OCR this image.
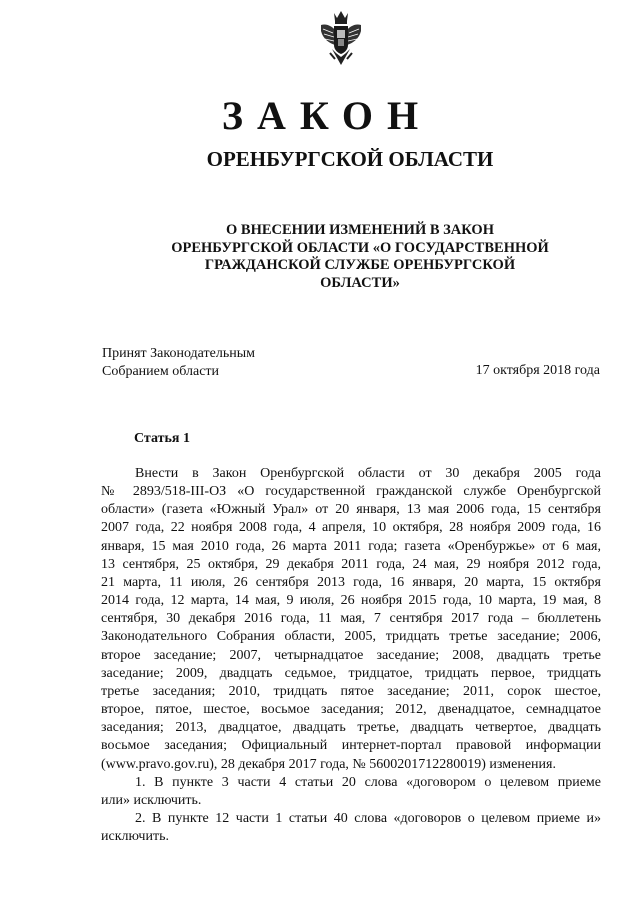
ЗАКОН
ОРЕНБУРГСКОЙ ОБЛАСТИ
О ВНЕСЕНИИ ИЗМЕНЕНИЙ В ЗАКОН
ОРЕНБУРГСКОЙ ОБЛАСТИ «О ГОСУДАРСТВЕННОЙ
ГРАЖДАНСКОЙ СЛУЖБЕ ОРЕНБУРГСКОЙ
ОБЛАСТИ»
Принят Законодательным
Собранием области	17 октября 2018 года
Статья 1
Внести в Закон Оренбургской области от 30 декабря 2005 года
№ 2893/518-III-ОЗ «О государственной гражданской службе Оренбургской
области» (газета «Южный Урал» от 20 января, 13 мая 2006 года, 15 сентября
2007 года, 22 ноября 2008 года, 4 апреля, 10 октября, 28 ноября 2009 года, 16
января, 15 мая 2010 года, 26 марта 2011 года; газета «Оренбуржье» от 6 мая,
13 сентября, 25 октября, 29 декабря 2011 года, 24 мая, 29 ноября 2012 года,
21 марта, 11 июля, 26 сентября 2013 года, 16 января, 20 марта, 15 октября
2014 года, 12 марта, 14 мая, 9 июля, 26 ноября 2015 года, 10 марта, 19 мая, 8
сентября, 30 декабря 2016 года, 11 мая, 7 сентября 2017 года – бюллетень
Законодательного Собрания области, 2005, тридцать третье заседание; 2006,
второе заседание; 2007, четырнадцатое заседание; 2008, двадцать третье
заседание; 2009, двадцать седьмое, тридцатое, тридцать первое, тридцать
третье заседания; 2010, тридцать пятое заседание; 2011, сорок шестое,
второе, пятое, шестое, восьмое заседания; 2012, двенадцатое, семнадцатое
заседания; 2013, двадцатое, двадцать третье, двадцать четвертое, двадцать
восьмое заседания; Официальный интернет-портал правовой информации
(www.pravo.gov.ru), 28 декабря 2017 года, № 5600201712280019) изменения.
1. В пункте 3 части 4 статьи 20 слова «договором о целевом приеме
или» исключить.
2. В пункте 12 части 1 статьи 40 слова «договоров о целевом приеме и»
исключить.
